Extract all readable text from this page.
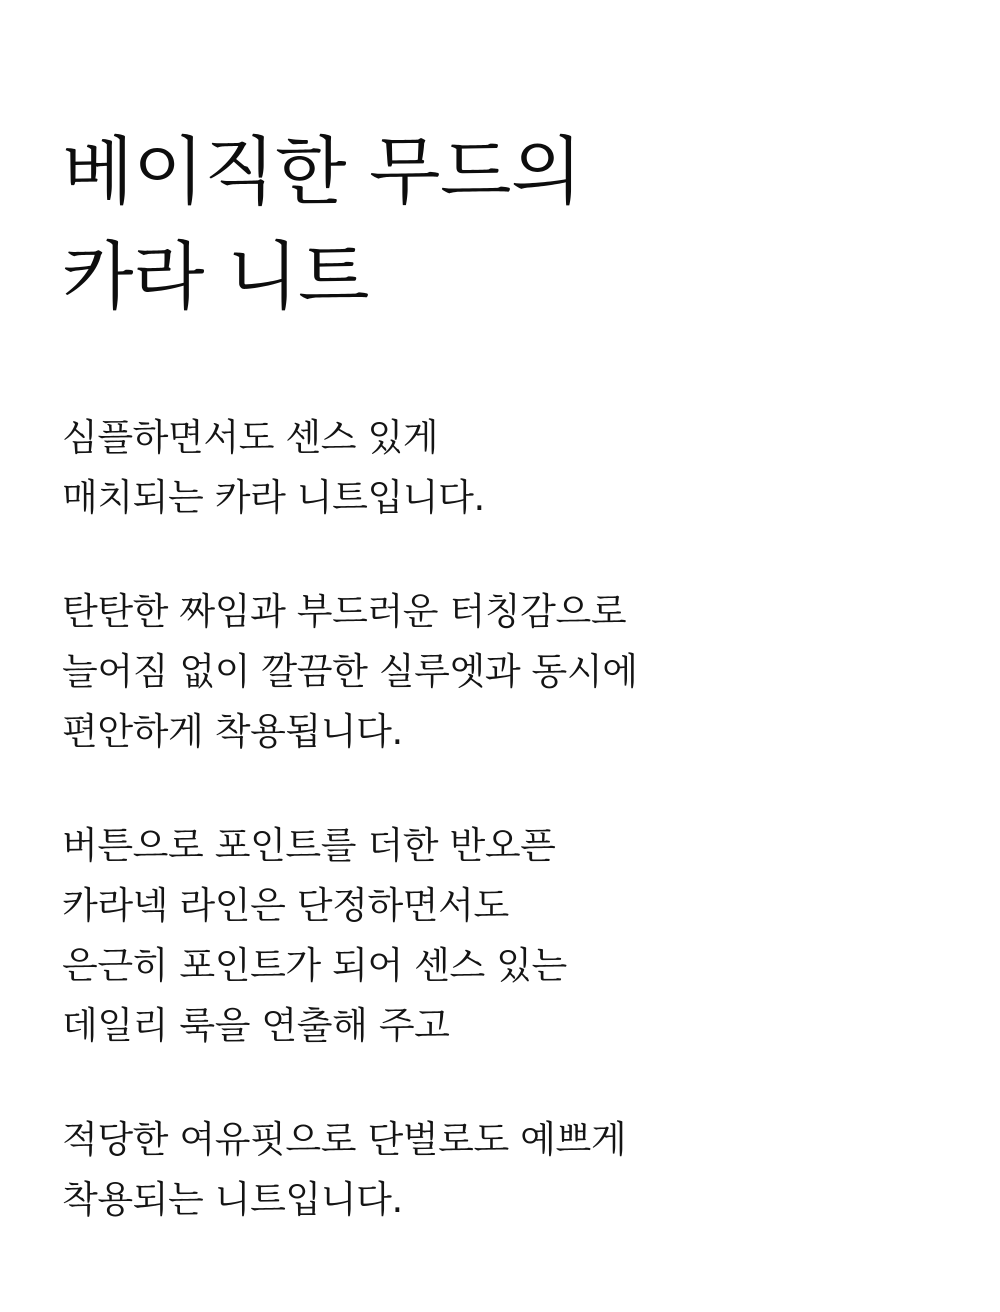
베이직한 무드의
카라 니트

심플하면서도 센스 있게
매치되는 카라 니트입니다.

탄탄한 짜임과 부드러운 터칭감으로
늘어짐 없이 깔끔한 실루엣과 동시에
편안하게 착용됩니다.

버튼으로 포인트를 더한 반오픈
카라넥 라인은 단정하면서도
은근히 포인트가 되어 센스 있는
데일리 룩을 연출해 주고

적당한 여유핏으로 단벌로도 예쁘게
착용되는 니트입니다.
